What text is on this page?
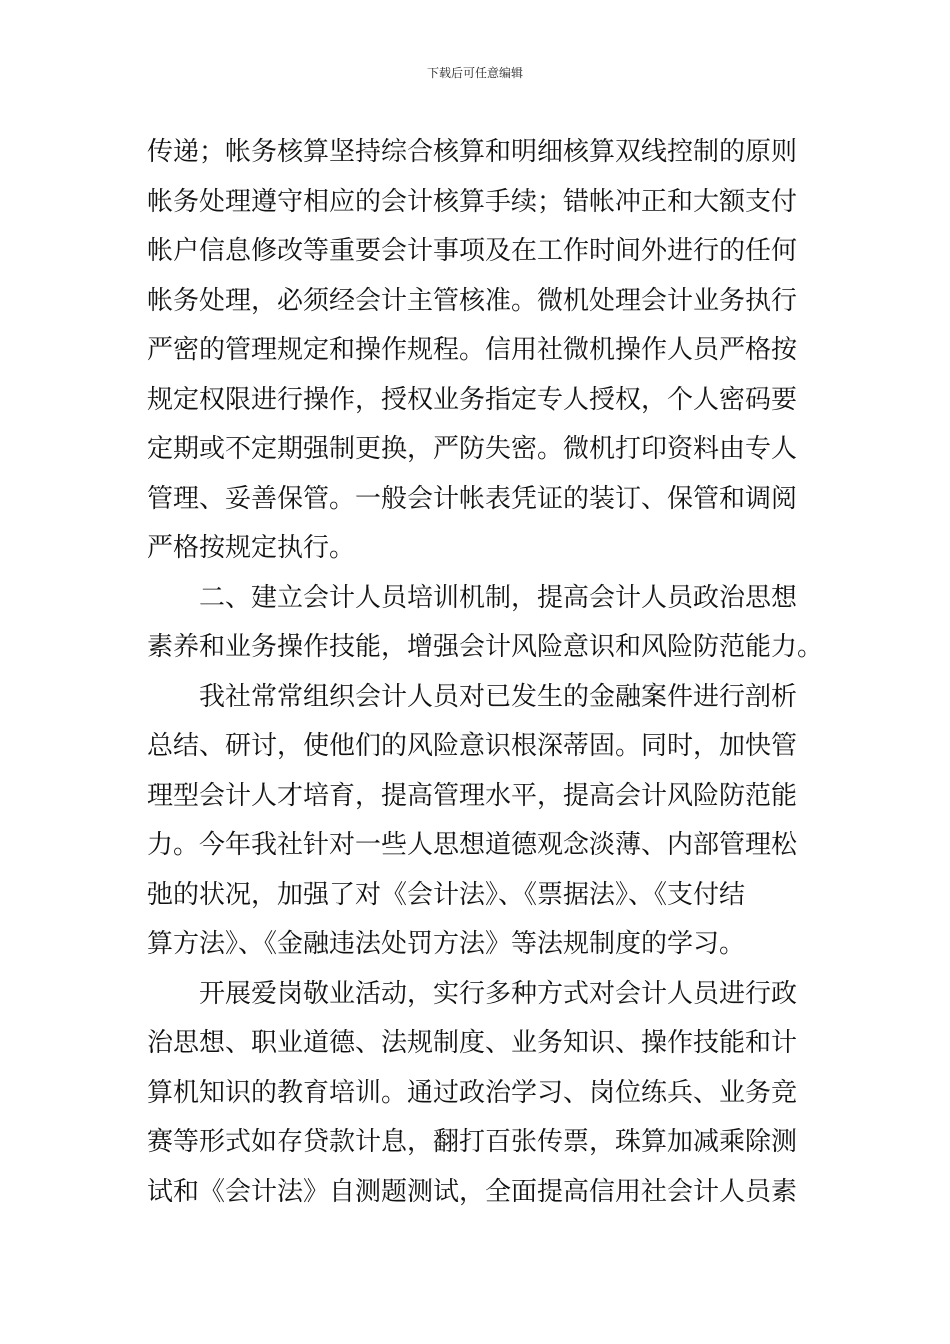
下载后可任意编辑
传递；帐务核算坚持综合核算和明细核算双线控制的原则
帐务处理遵守相应的会计核算手续；错帐冲正和大额支付
帐户信息修改等重要会计事项及在工作时间外进行的任何
帐务处理，必须经会计主管核准。微机处理会计业务执行
严密的管理规定和操作规程。信用社微机操作人员严格按
规定权限进行操作，授权业务指定专人授权，个人密码要
定期或不定期强制更换，严防失密。微机打印资料由专人
管理、妥善保管。一般会计帐表凭证的装订、保管和调阅
严格按规定执行。
　　二、建立会计人员培训机制，提高会计人员政治思想
素养和业务操作技能，增强会计风险意识和风险防范能力。
　　我社常常组织会计人员对已发生的金融案件进行剖析
总结、研讨，使他们的风险意识根深蒂固。同时，加快管
理型会计人才培育，提高管理水平，提高会计风险防范能
力。今年我社针对一些人思想道德观念淡薄、内部管理松
弛的状况，加强了对《会计法》、《票据法》、《支付结
算方法》、《金融违法处罚方法》等法规制度的学习。
　　开展爱岗敬业活动，实行多种方式对会计人员进行政
治思想、职业道德、法规制度、业务知识、操作技能和计
算机知识的教育培训。通过政治学习、岗位练兵、业务竞
赛等形式如存贷款计息，翻打百张传票，珠算加减乘除测
试和《会计法》自测题测试，全面提高信用社会计人员素
